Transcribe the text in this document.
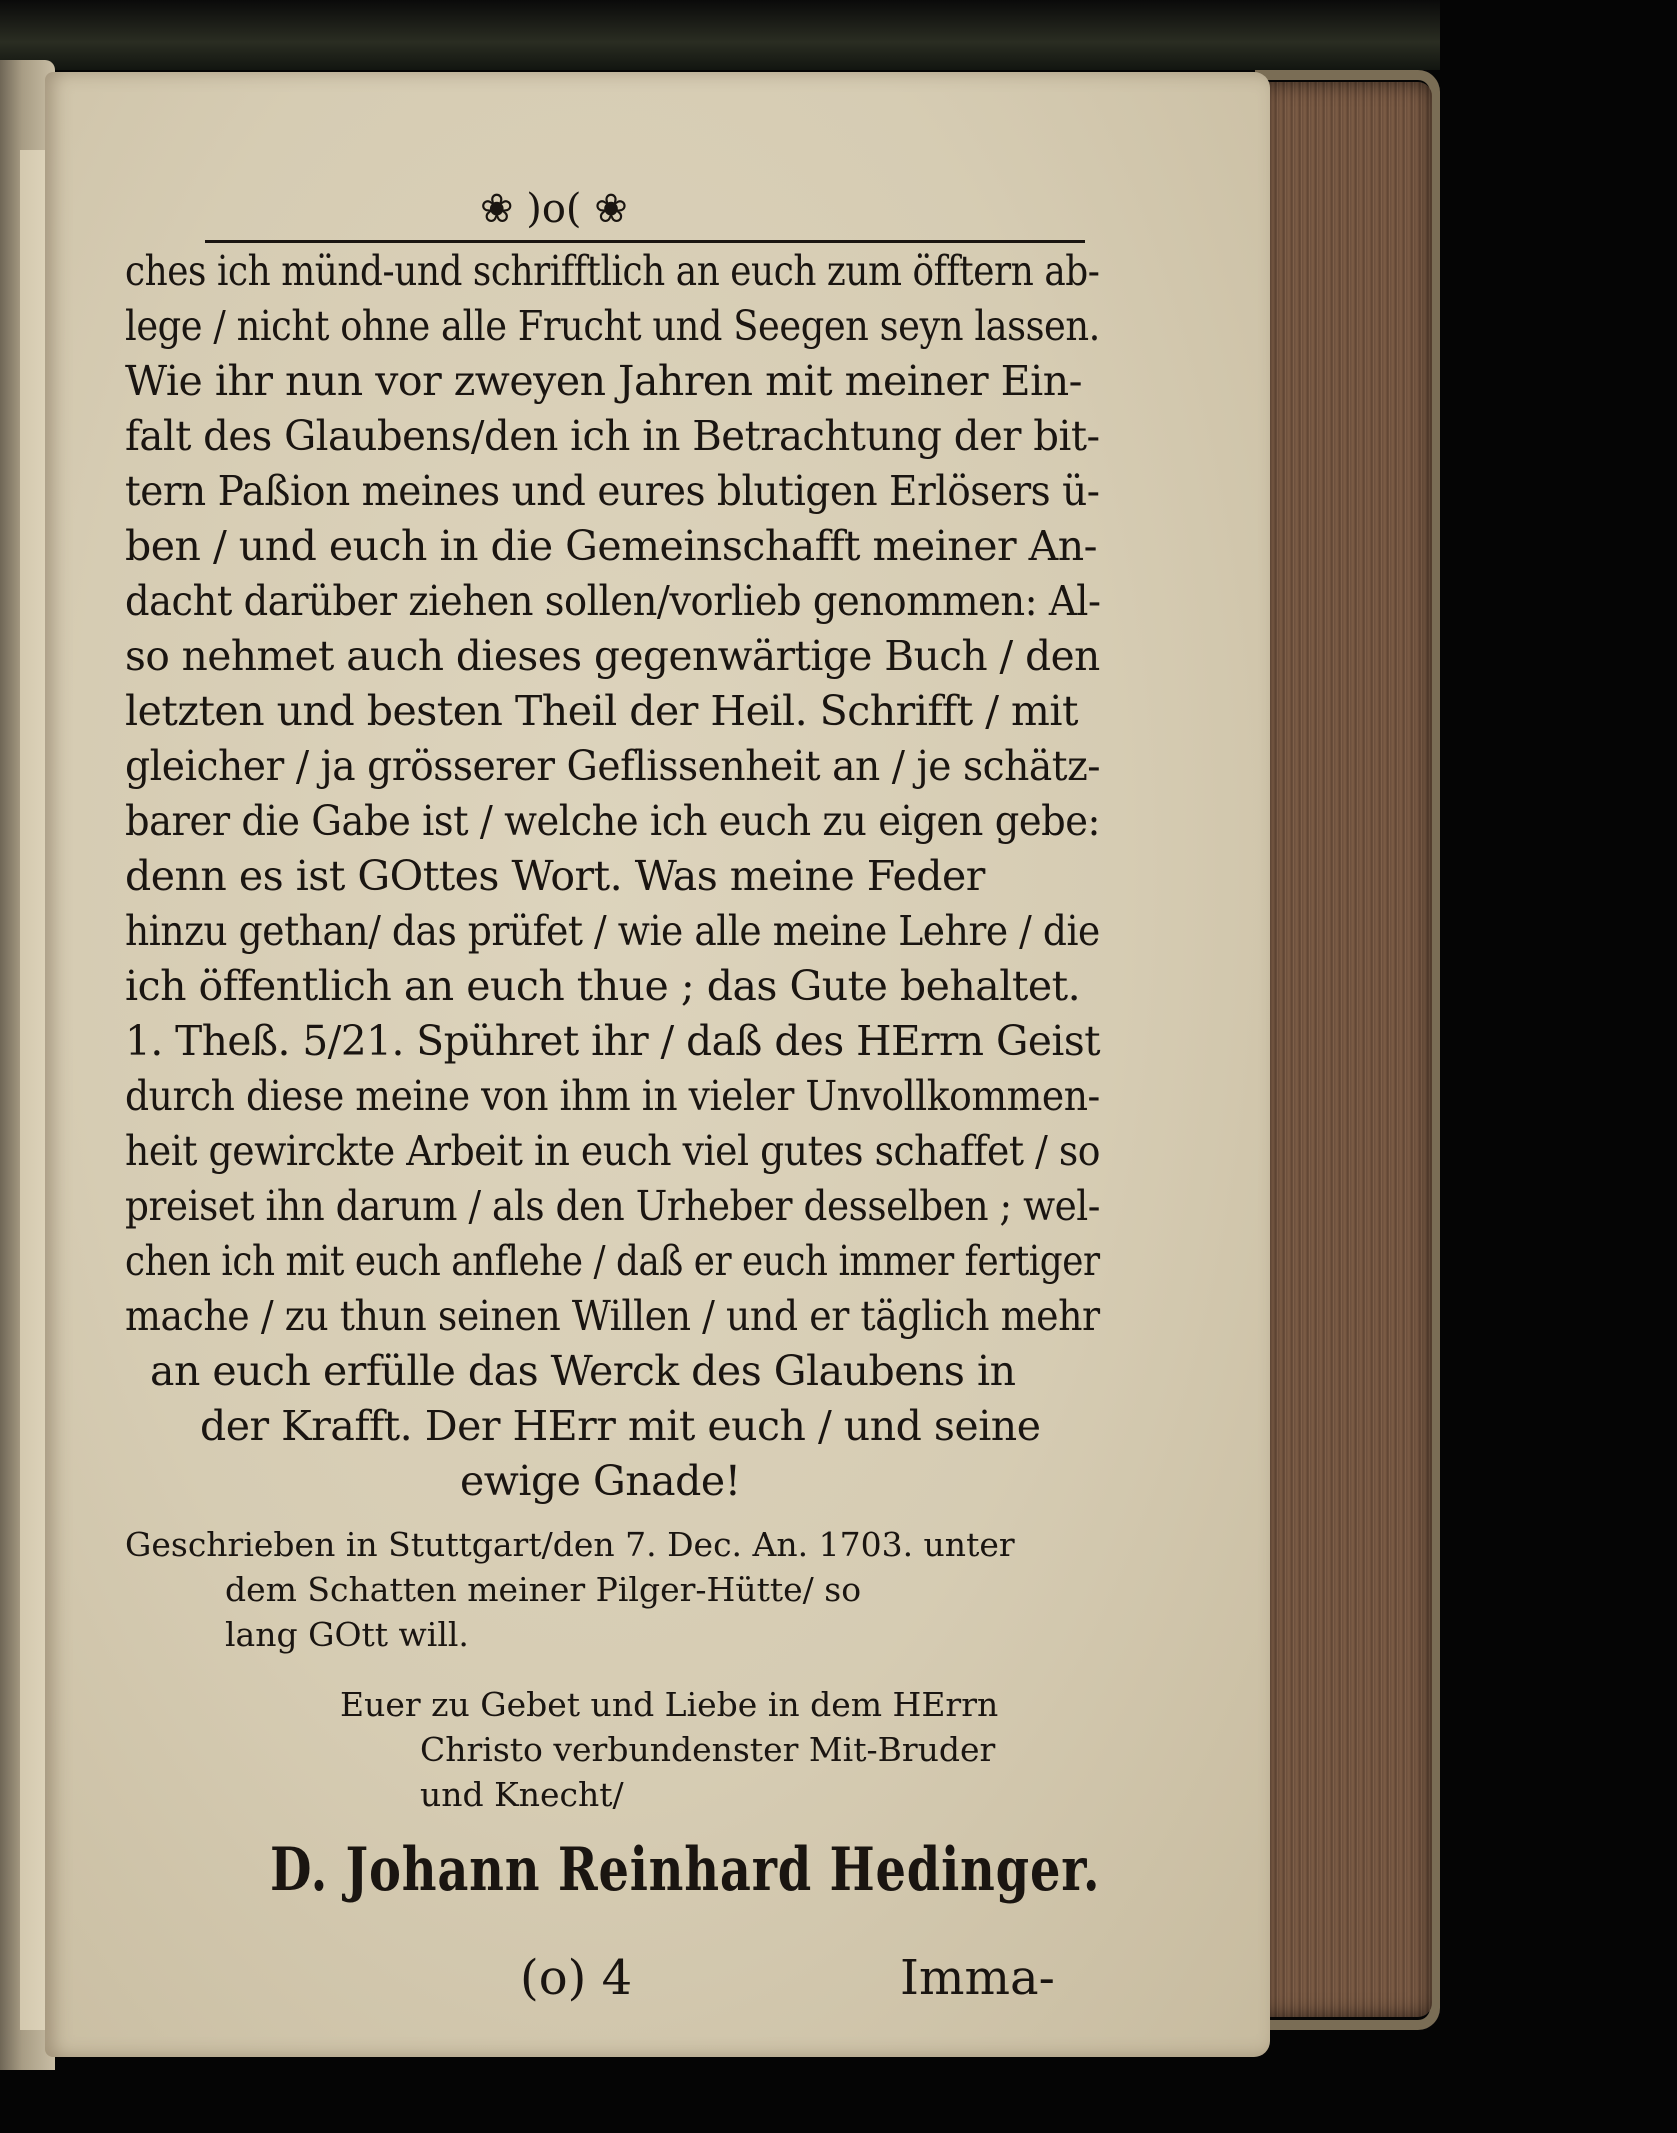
❀ )o( ❀
ches ich münd-und schrifftlich an euch zum öfftern ab-
lege / nicht ohne alle Frucht und Seegen seyn lassen.
Wie ihr nun vor zweyen Jahren mit meiner Ein-
falt des Glaubens/den ich in Betrachtung der bit-
tern Paßion meines und eures blutigen Erlösers ü-
ben / und euch in die Gemeinschafft meiner An-
dacht darüber ziehen sollen/vorlieb genommen: Al-
so nehmet auch dieses gegenwärtige Buch / den
letzten und besten Theil der Heil. Schrifft / mit
gleicher / ja grösserer Geflissenheit an / je schätz-
barer die Gabe ist / welche ich euch zu eigen gebe:
denn es ist GOttes Wort. Was meine Feder
hinzu gethan/ das prüfet / wie alle meine Lehre / die
ich öffentlich an euch thue ; das Gute behaltet.
1. Theß. 5/21. Spühret ihr / daß des HErrn Geist
durch diese meine von ihm in vieler Unvollkommen-
heit gewirckte Arbeit in euch viel gutes schaffet / so
preiset ihn darum / als den Urheber desselben ; wel-
chen ich mit euch anflehe / daß er euch immer fertiger
mache / zu thun seinen Willen / und er täglich mehr
an euch erfülle das Werck des Glaubens in
der Krafft. Der HErr mit euch / und seine
ewige Gnade!
Geschrieben in Stuttgart/den 7. Dec. An. 1703. unter
dem Schatten meiner Pilger-Hütte/ so
lang GOtt will.
Euer zu Gebet und Liebe in dem HErrn
Christo verbundenster Mit-Bruder
und Knecht/
D. Johann Reinhard Hedinger.
(o) 4	Imma-
